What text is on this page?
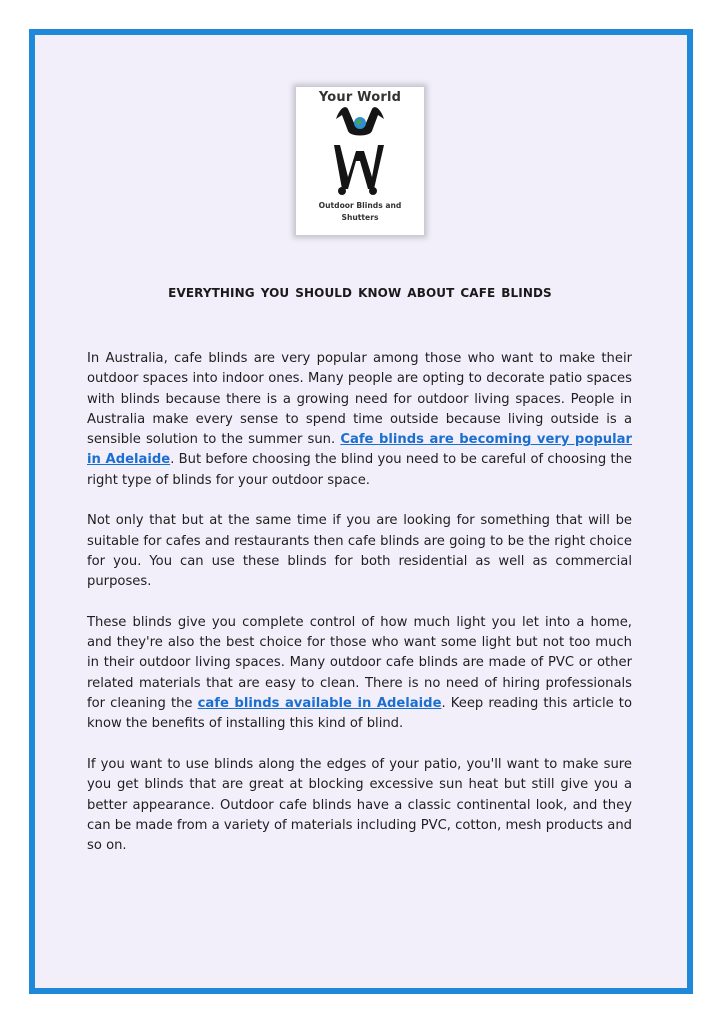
Your World
Outdoor Blinds and
Shutters
everything you should know about cafe blinds

In Australia, cafe blinds are very popular among those who want to make their outdoor spaces into indoor ones. Many people are opting to decorate patio spaces with blinds because there is a growing need for outdoor living spaces. People in Australia make every sense to spend time outside because living outside is a sensible solution to the summer sun. Cafe blinds are becoming very popular in Adelaide. But before choosing the blind you need to be careful of choosing the right type of blinds for your outdoor space.

Not only that but at the same time if you are looking for something that will be suitable for cafes and restaurants then cafe blinds are going to be the right choice for you. You can use these blinds for both residential as well as commercial purposes.

These blinds give you complete control of how much light you let into a home, and they're also the best choice for those who want some light but not too much in their outdoor living spaces. Many outdoor cafe blinds are made of PVC or other related materials that are easy to clean. There is no need of hiring professionals for cleaning the cafe blinds available in Adelaide. Keep reading this article to know the benefits of installing this kind of blind.

If you want to use blinds along the edges of your patio, you'll want to make sure you get blinds that are great at blocking excessive sun heat but still give you a better appearance. Outdoor cafe blinds have a classic continental look, and they can be made from a variety of materials including PVC, cotton, mesh products and so on.
